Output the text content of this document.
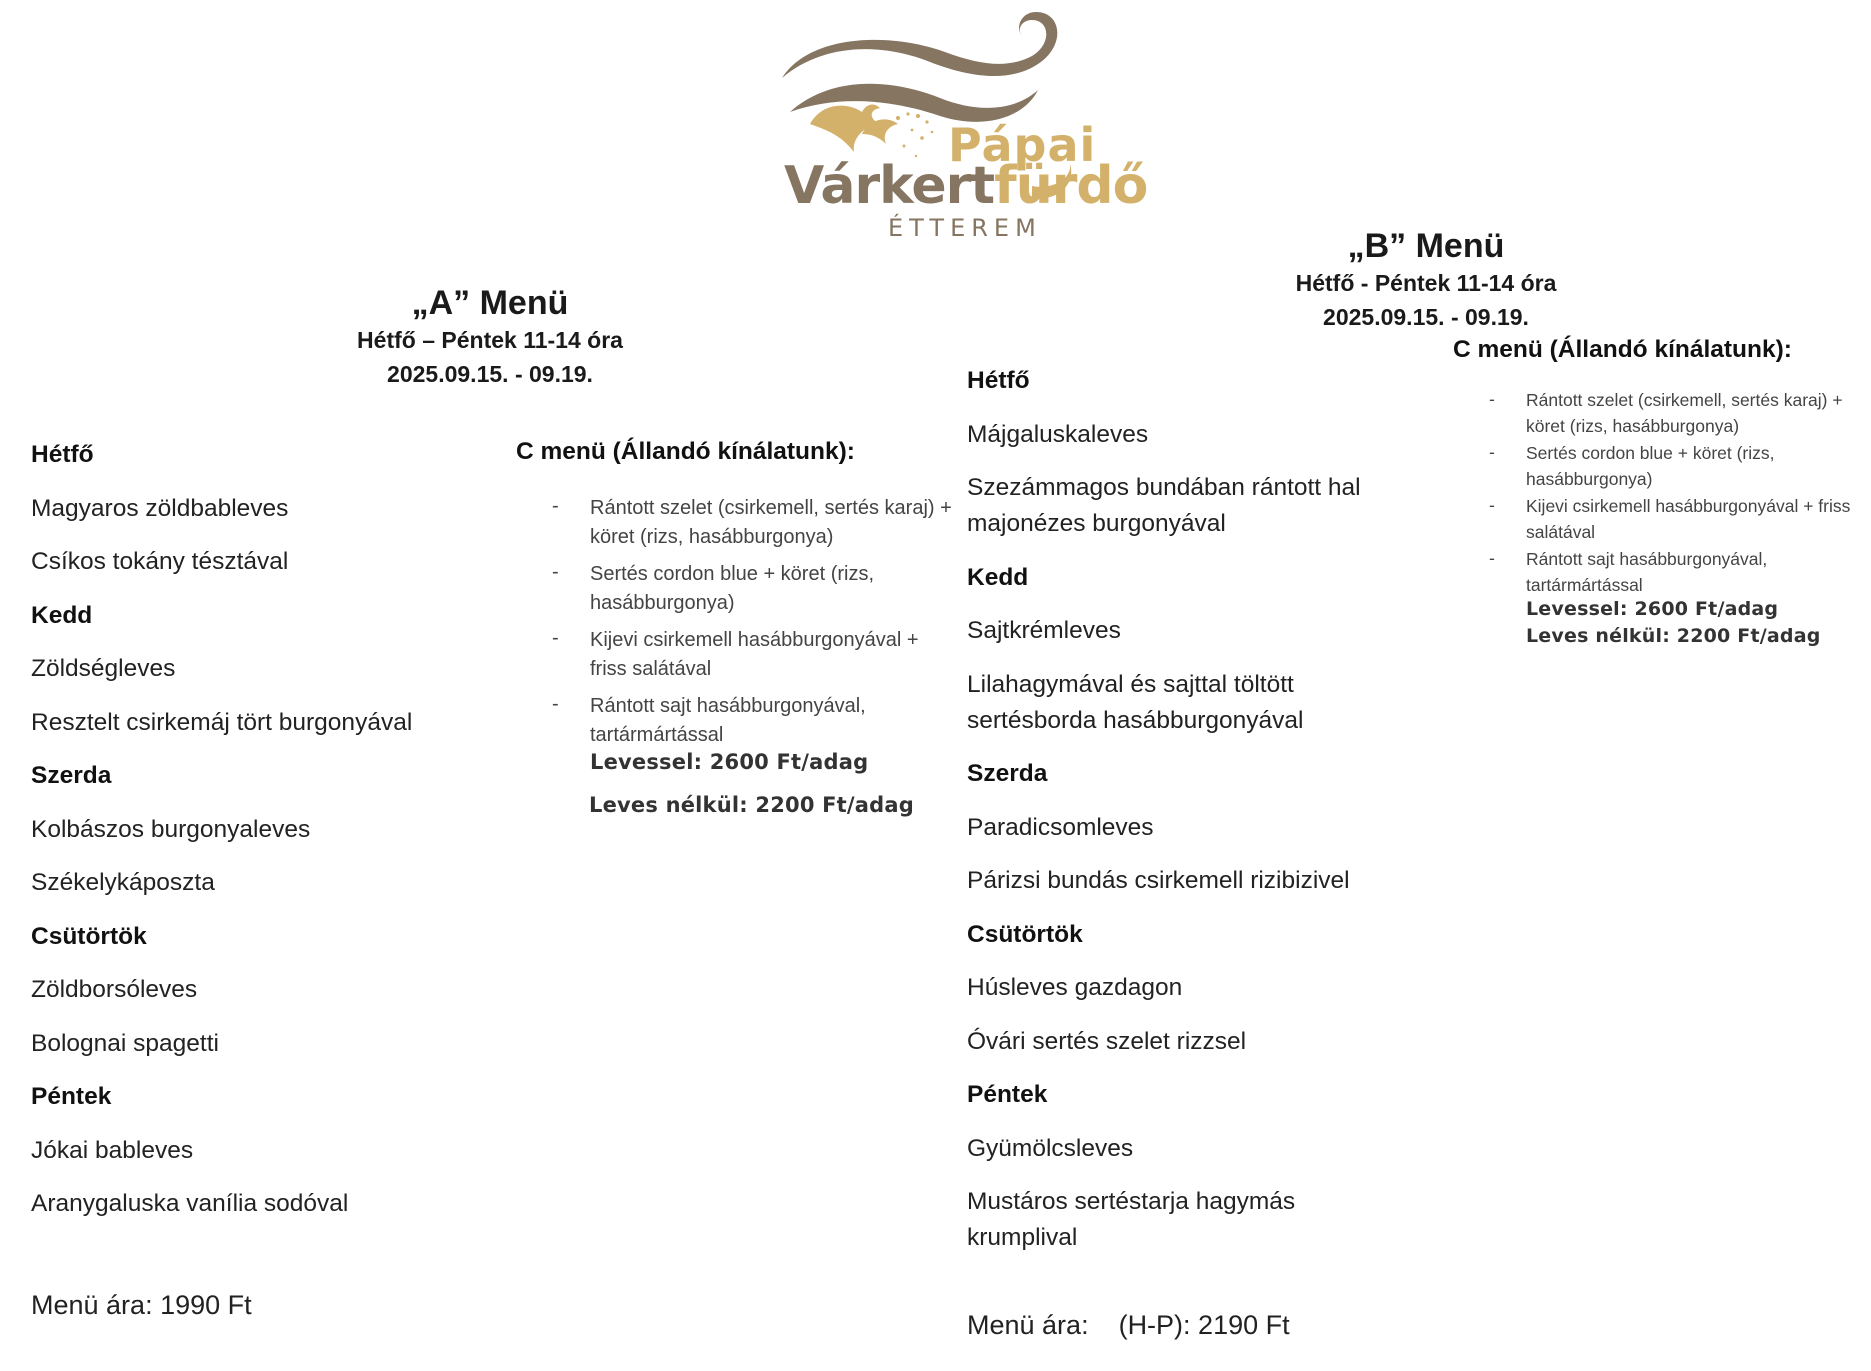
Pápai
Várkertfürdő
ÉTTEREM
„A” Menü
Hétfő – Péntek 11-14 óra
2025.09.15. - 09.19.
Hétfő
Magyaros zöldbableves
Csíkos tokány tésztával
Kedd
Zöldségleves
Resztelt csirkemáj tört burgonyával
Szerda
Kolbászos burgonyaleves
Székelykáposzta
Csütörtök
Zöldborsóleves
Bolognai spagetti
Péntek
Jókai bableves
Aranygaluska vanília sodóval
Menü ára: 1990 Ft
C menü (Állandó kínálatunk):
- Rántott szelet (csirkemell, sertés karaj) + köret (rizs, hasábburgonya)
- Sertés cordon blue + köret (rizs, hasábburgonya)
- Kijevi csirkemell hasábburgonyával + friss salátával
- Rántott sajt hasábburgonyával, tartármártással
Levessel: 2600 Ft/adag
Leves nélkül: 2200 Ft/adag
„B” Menü
Hétfő - Péntek 11-14 óra
2025.09.15. - 09.19.
Hétfő
Májgaluskaleves
Szezámmagos bundában rántott hal majonézes burgonyával
Kedd
Sajtkrémleves
Lilahagymával és sajttal töltött sertésborda hasábburgonyával
Szerda
Paradicsomleves
Párizsi bundás csirkemell rizibizivel
Csütörtök
Húsleves gazdagon
Óvári sertés szelet rizzsel
Péntek
Gyümölcsleves
Mustáros sertéstarja hagymás krumplival
Menü ára:    (H-P): 2190 Ft
C menü (Állandó kínálatunk):
- Rántott szelet (csirkemell, sertés karaj) + köret (rizs, hasábburgonya)
- Sertés cordon blue + köret (rizs, hasábburgonya)
- Kijevi csirkemell hasábburgonyával + friss salátával
- Rántott sajt hasábburgonyával, tartármártással
Levessel: 2600 Ft/adag
Leves nélkül: 2200 Ft/adag
